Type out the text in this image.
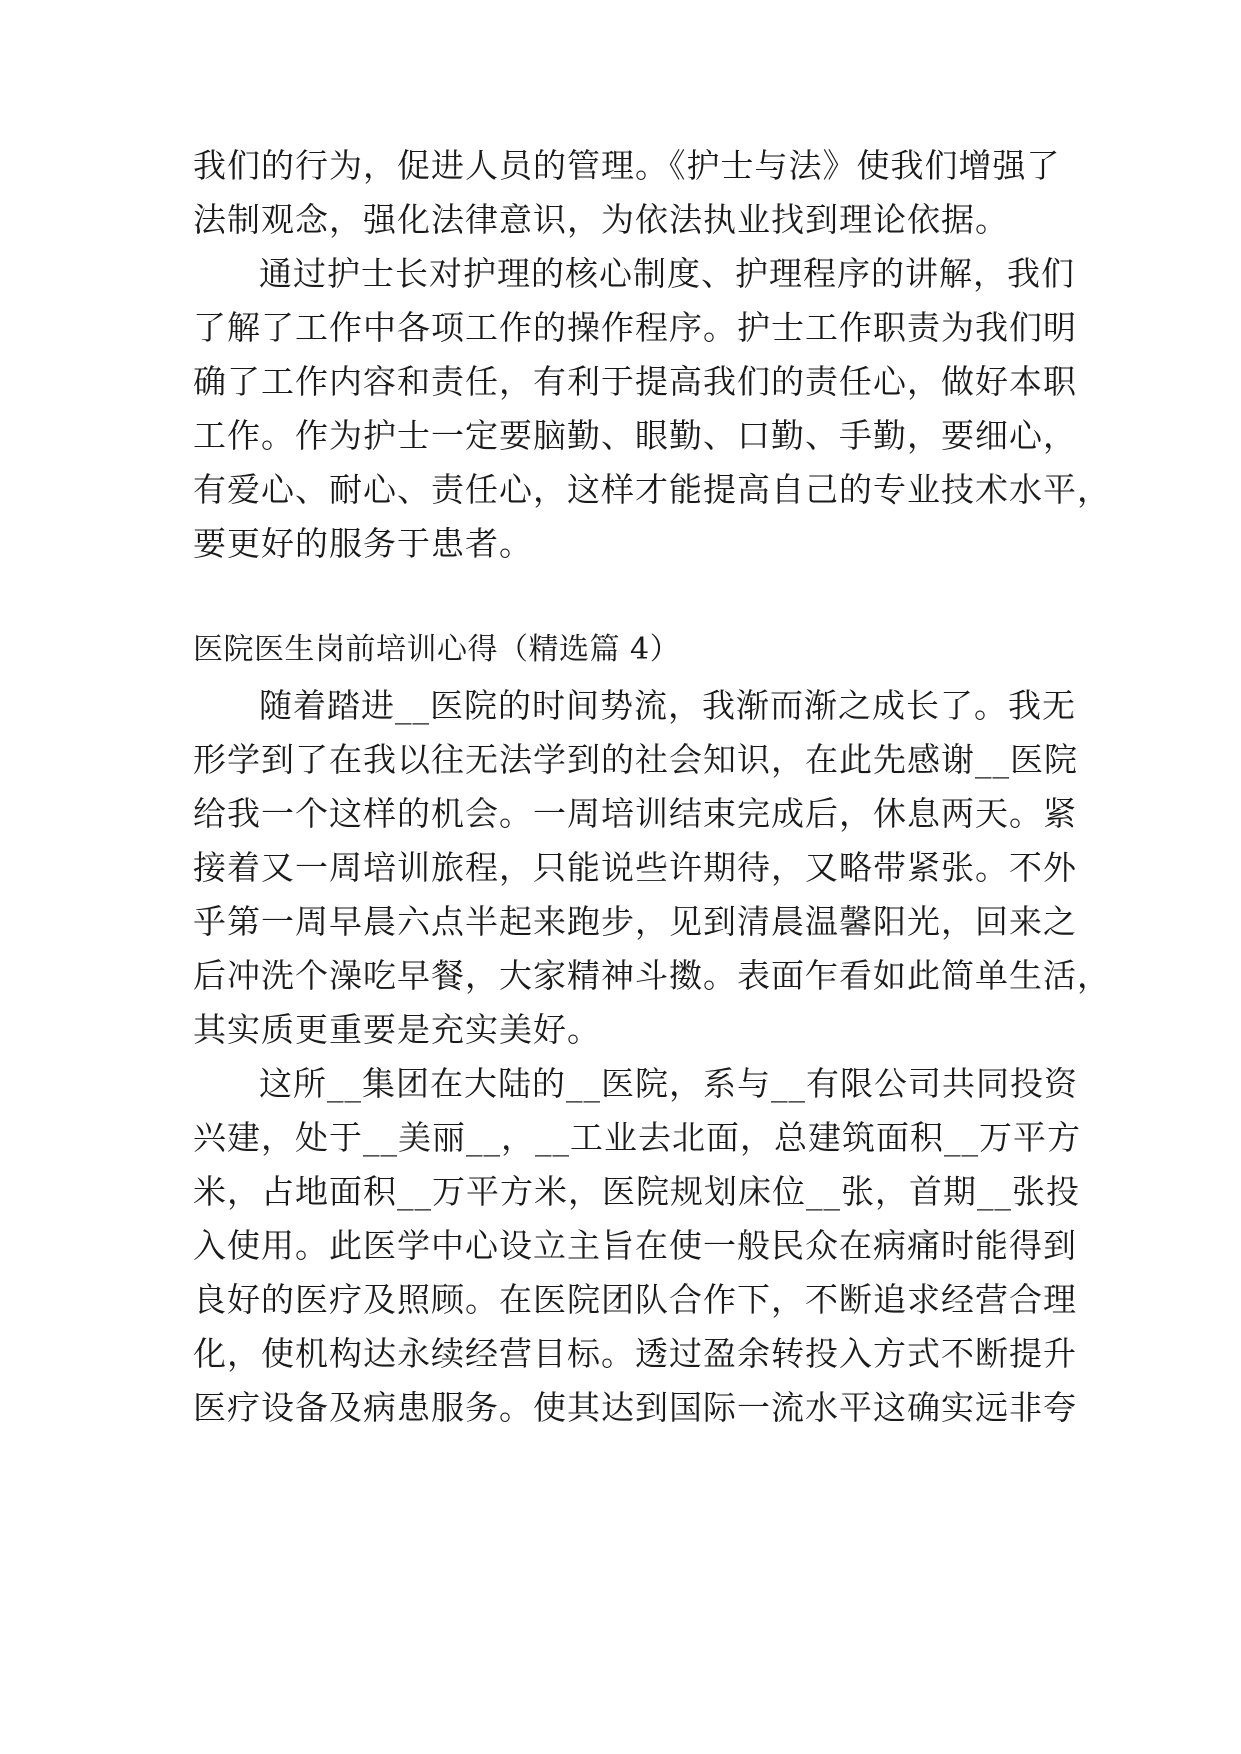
我们的行为，促进人员的管理。《护士与法》使我们增强了
法制观念，强化法律意识，为依法执业找到理论依据。
通过护士长对护理的核心制度、护理程序的讲解，我们
了解了工作中各项工作的操作程序。护士工作职责为我们明
确了工作内容和责任，有利于提高我们的责任心，做好本职
工作。作为护士一定要脑勤、眼勤、口勤、手勤，要细心，
有爱心、耐心、责任心，这样才能提高自己的专业技术水平，
要更好的服务于患者。
医院医生岗前培训心得（精选篇 4）
随着踏进__医院的时间势流，我渐而渐之成长了。我无
形学到了在我以往无法学到的社会知识，在此先感谢__医院
给我一个这样的机会。一周培训结束完成后，休息两天。紧
接着又一周培训旅程，只能说些许期待，又略带紧张。不外
乎第一周早晨六点半起来跑步，见到清晨温馨阳光，回来之
后冲洗个澡吃早餐，大家精神斗擞。表面乍看如此简单生活，
其实质更重要是充实美好。
这所__集团在大陆的__医院，系与__有限公司共同投资
兴建，处于__美丽__，__工业去北面，总建筑面积__万平方
米，占地面积__万平方米，医院规划床位__张，首期__张投
入使用。此医学中心设立主旨在使一般民众在病痛时能得到
良好的医疗及照顾。在医院团队合作下，不断追求经营合理
化，使机构达永续经营目标。透过盈余转投入方式不断提升
医疗设备及病患服务。使其达到国际一流水平这确实远非夸
